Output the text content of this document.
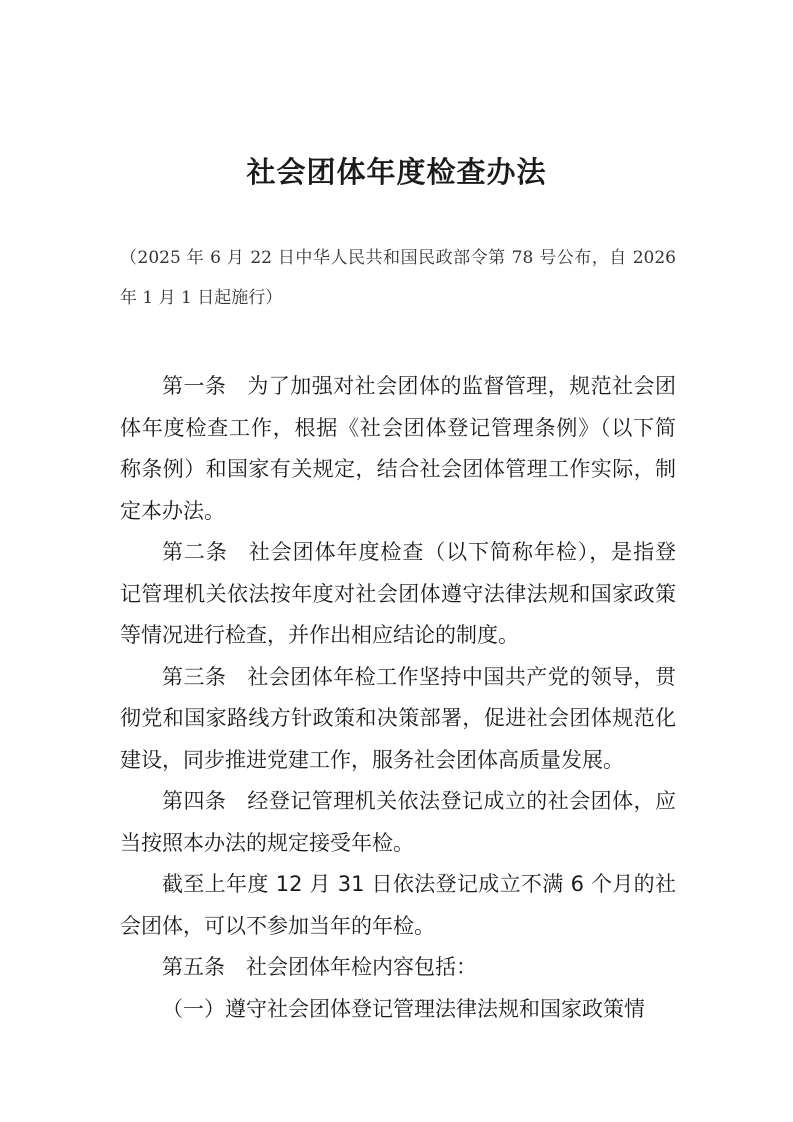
社会团体年度检查办法

（2025 年 6 月 22 日中华人民共和国民政部令第 78 号公布，自 2026 年 1 月 1 日起施行）

第一条 为了加强对社会团体的监督管理，规范社会团体年度检查工作，根据《社会团体登记管理条例》（以下简称条例）和国家有关规定，结合社会团体管理工作实际，制定本办法。

第二条 社会团体年度检查（以下简称年检），是指登记管理机关依法按年度对社会团体遵守法律法规和国家政策等情况进行检查，并作出相应结论的制度。

第三条 社会团体年检工作坚持中国共产党的领导，贯彻党和国家路线方针政策和决策部署，促进社会团体规范化建设，同步推进党建工作，服务社会团体高质量发展。

第四条 经登记管理机关依法登记成立的社会团体，应当按照本办法的规定接受年检。

截至上年度 12 月 31 日依法登记成立不满 6 个月的社会团体，可以不参加当年的年检。

第五条 社会团体年检内容包括：

（一）遵守社会团体登记管理法律法规和国家政策情
